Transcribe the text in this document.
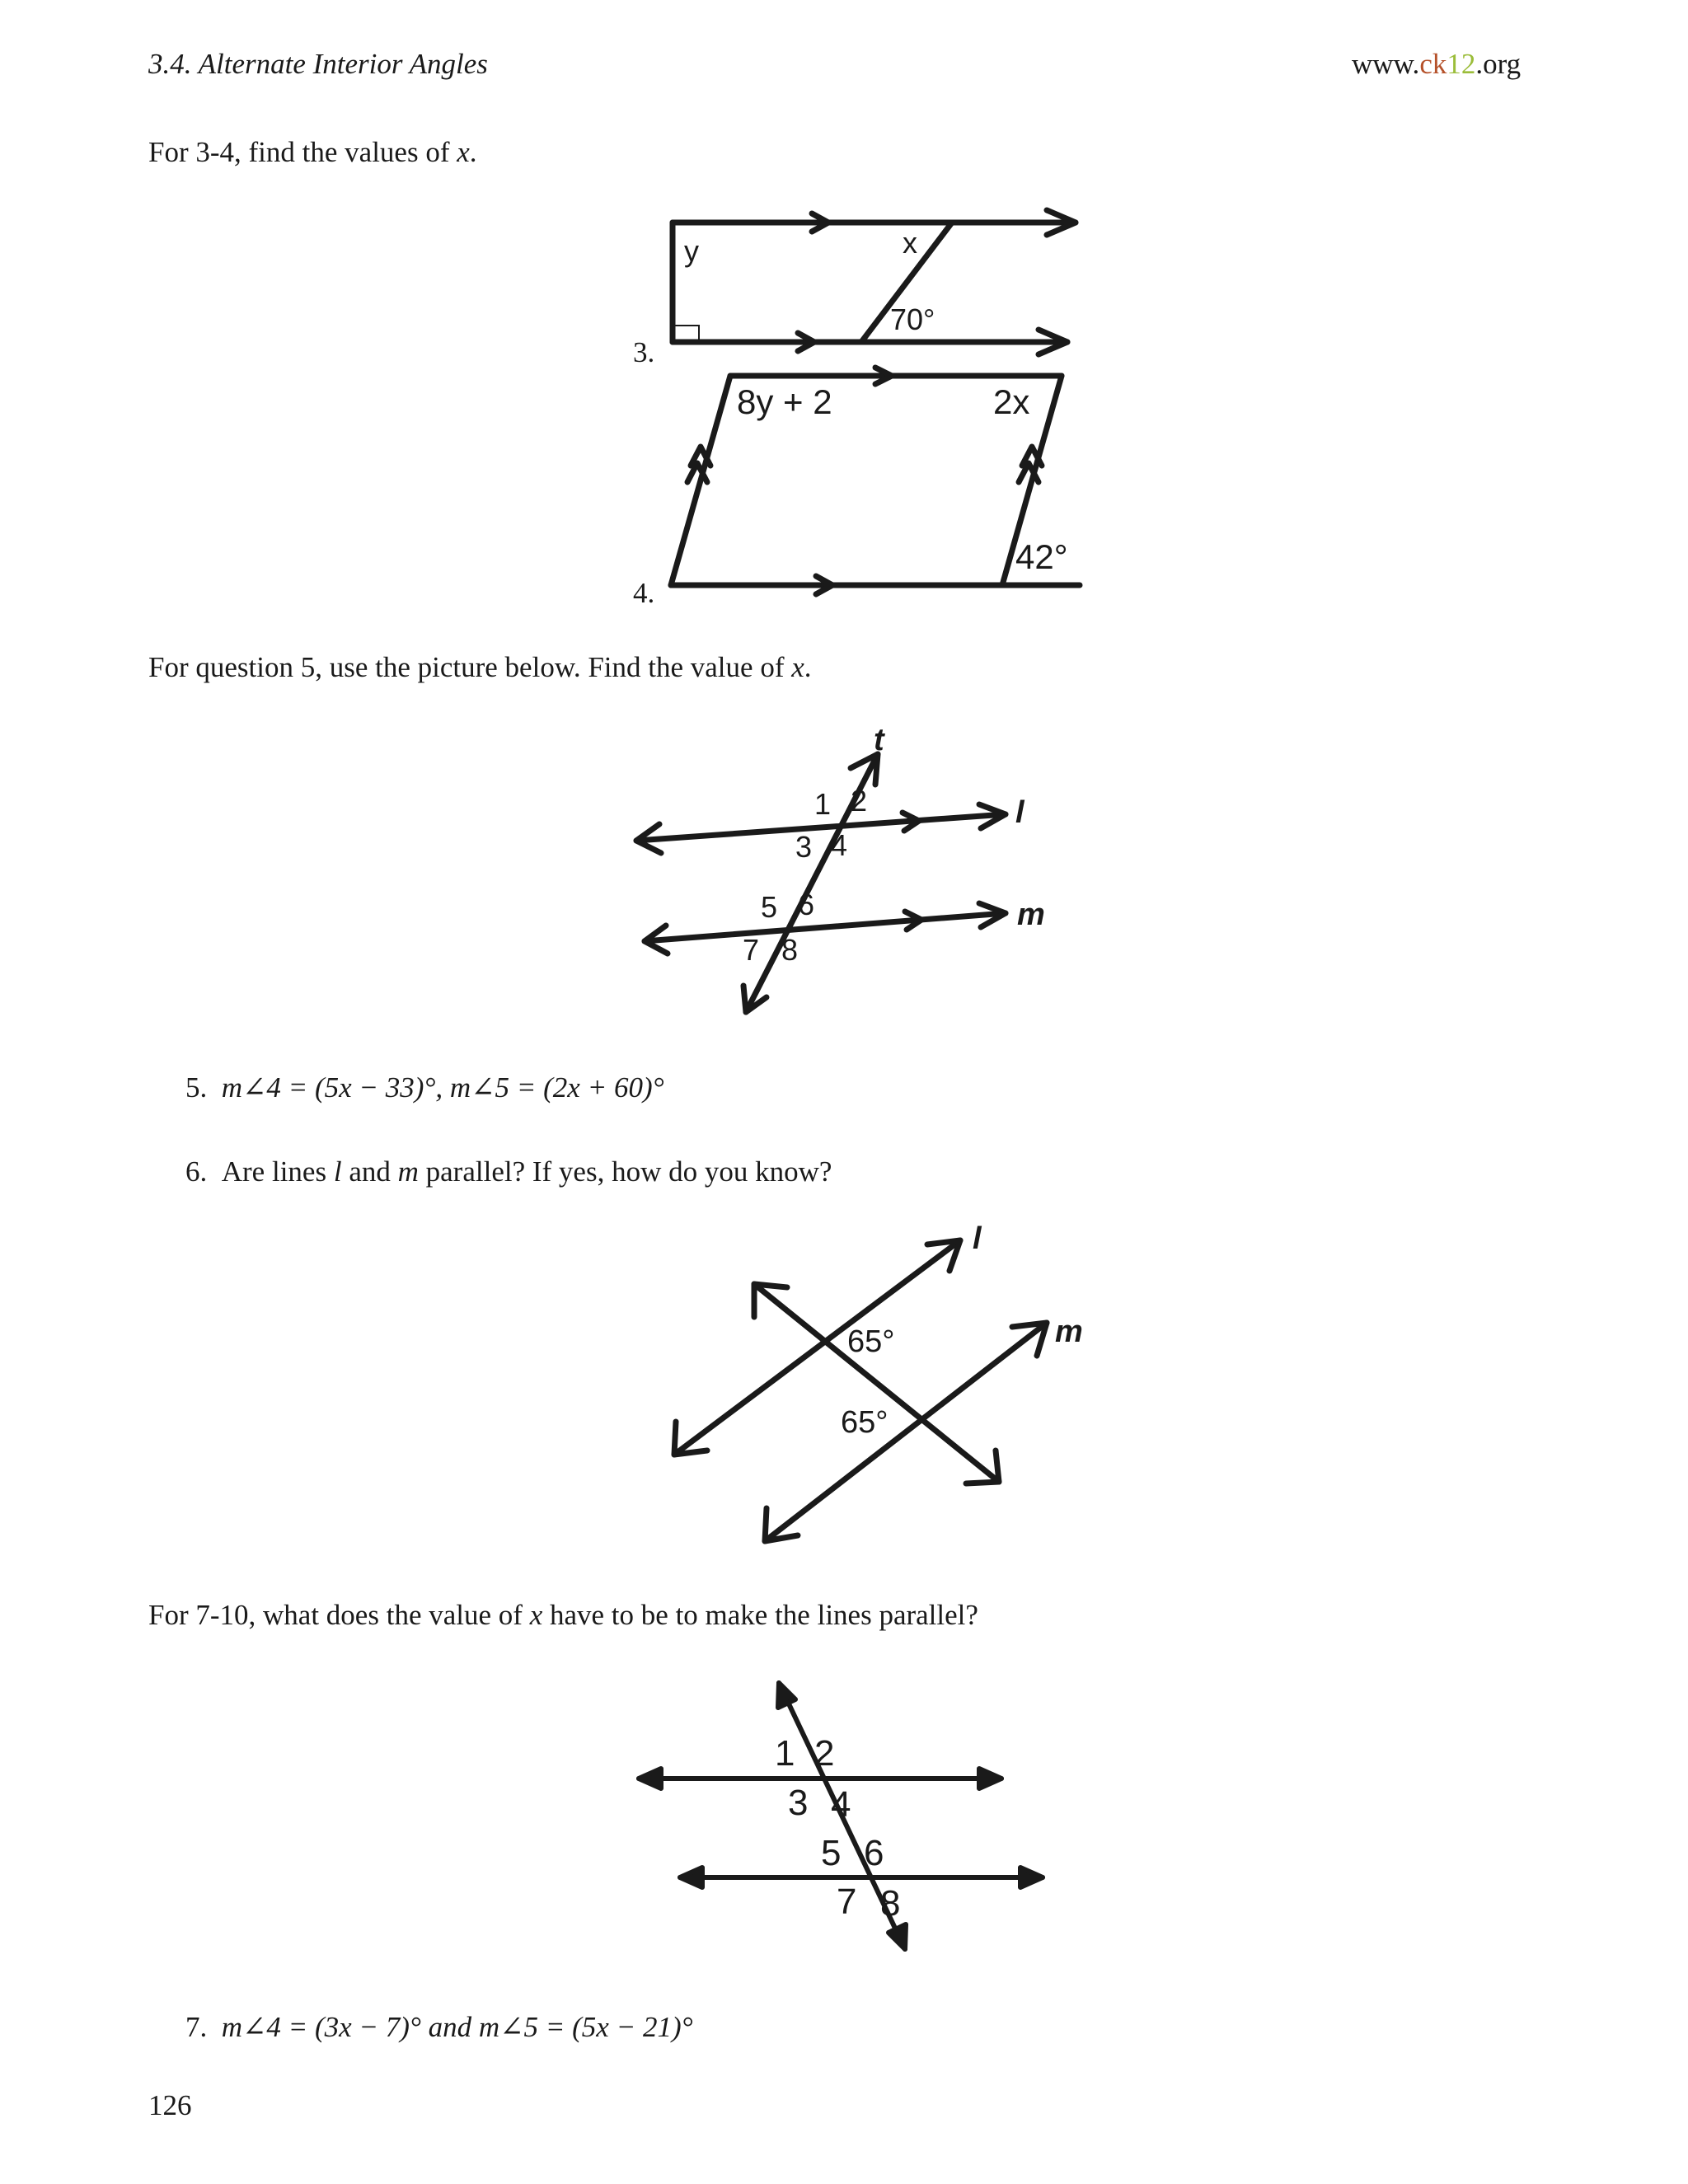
3.4. Alternate Interior Angles	www.ck12.org
For 3-4, find the values of x.
3.
y	x
70°
4.
8y + 2	2x
42°
For question 5, use the picture below. Find the value of x.
t
l
m
1 2
3 4
5 6
7 8
5. m∠4 = (5x − 33)°, m∠5 = (2x + 60)°
6. Are lines l and m parallel? If yes, how do you know?
l
m
65°
65°
For 7-10, what does the value of x have to be to make the lines parallel?
1 2
3 4
5 6
7 8
7. m∠4 = (3x − 7)° and m∠5 = (5x − 21)°
126
